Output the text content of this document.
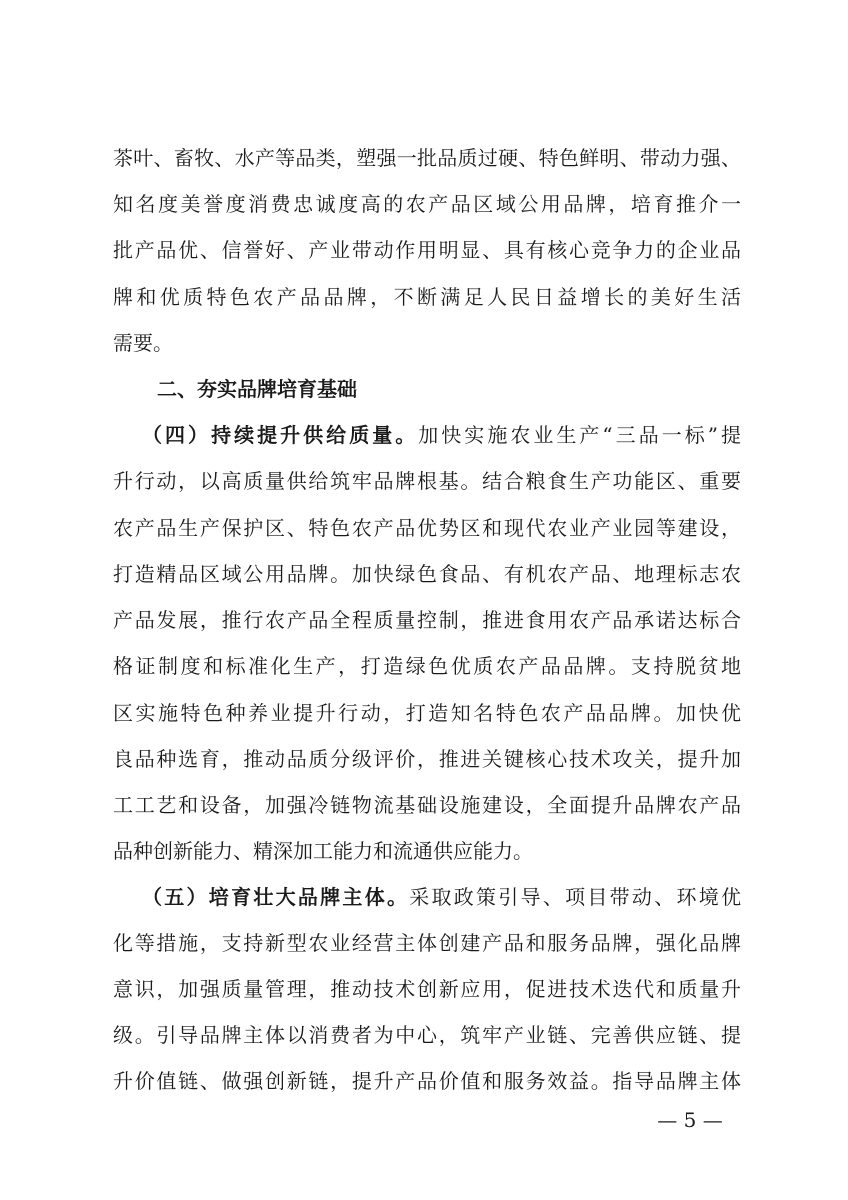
茶叶、畜牧、水产等品类，塑强一批品质过硬、特色鲜明、带动力强、
知名度美誉度消费忠诚度高的农产品区域公用品牌，培育推介一
批产品优、信誉好、产业带动作用明显、具有核心竞争力的企业品
牌和优质特色农产品品牌，不断满足人民日益增长的美好生活
需要。
二、夯实品牌培育基础
（四）持续提升供给质量。加快实施农业生产“三品一标”提
升行动，以高质量供给筑牢品牌根基。结合粮食生产功能区、重要
农产品生产保护区、特色农产品优势区和现代农业产业园等建设，
打造精品区域公用品牌。加快绿色食品、有机农产品、地理标志农
产品发展，推行农产品全程质量控制，推进食用农产品承诺达标合
格证制度和标准化生产，打造绿色优质农产品品牌。支持脱贫地
区实施特色种养业提升行动，打造知名特色农产品品牌。加快优
良品种选育，推动品质分级评价，推进关键核心技术攻关，提升加
工工艺和设备，加强冷链物流基础设施建设，全面提升品牌农产品
品种创新能力、精深加工能力和流通供应能力。
（五）培育壮大品牌主体。采取政策引导、项目带动、环境优
化等措施，支持新型农业经营主体创建产品和服务品牌，强化品牌
意识，加强质量管理，推动技术创新应用，促进技术迭代和质量升
级。引导品牌主体以消费者为中心，筑牢产业链、完善供应链、提
升价值链、做强创新链，提升产品价值和服务效益。指导品牌主体
— 5 —
